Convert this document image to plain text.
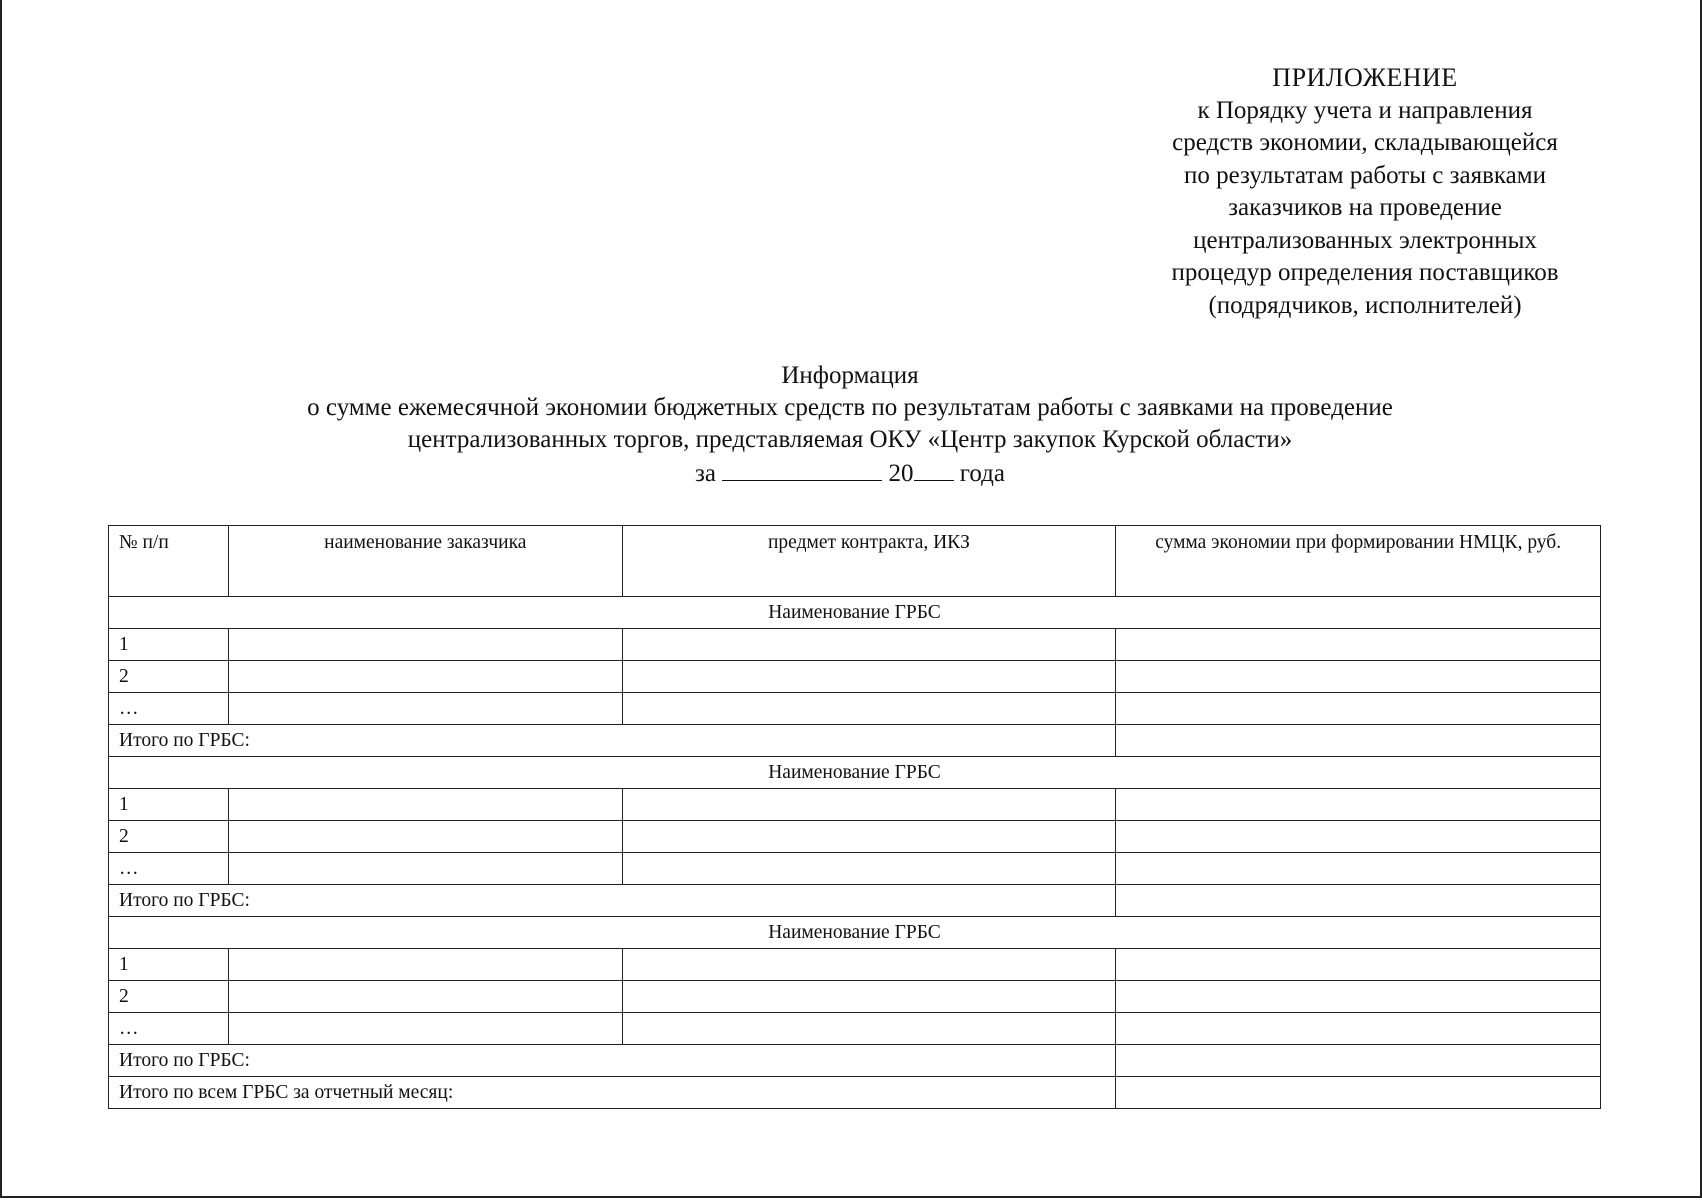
ПРИЛОЖЕНИЕ
к Порядку учета и направления
средств экономии, складывающейся
по результатам работы с заявками
заказчиков на проведение
централизованных электронных
процедур определения поставщиков
(подрядчиков, исполнителей)
Информация
о сумме ежемесячной экономии бюджетных средств по результатам работы с заявками на проведение
централизованных торгов, представляемая ОКУ «Центр закупок Курской области»
за	20 года
№ п/п	наименование заказчика	предмет контракта, ИКЗ	сумма экономии при формировании НМЦК, руб.
Наименование ГРБС			
1			
2			
…			
Итого по ГРБС:			
Наименование ГРБС			
1			
2			
…			
Итого по ГРБС:			
Наименование ГРБС			
1			
2			
…			
Итого по ГРБС:			
Итого по всем ГРБС за отчетный месяц:			
